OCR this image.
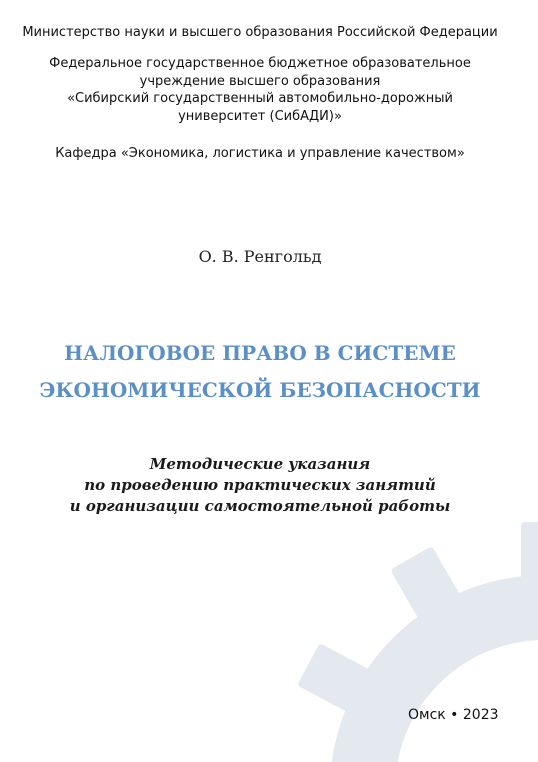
Министерство науки и высшего образования Российской Федерации
Федеральное государственное бюджетное образовательное
учреждение высшего образования
«Сибирский государственный автомобильно-дорожный
университет (СибАДИ)»
Кафедра «Экономика, логистика и управление качеством»
О. В. Ренгольд
НАЛОГОВОЕ ПРАВО В СИСТЕМЕ
ЭКОНОМИЧЕСКОЙ БЕЗОПАСНОСТИ
Методические указания
по проведению практических занятий
и организации самостоятельной работы
Омск • 2023
